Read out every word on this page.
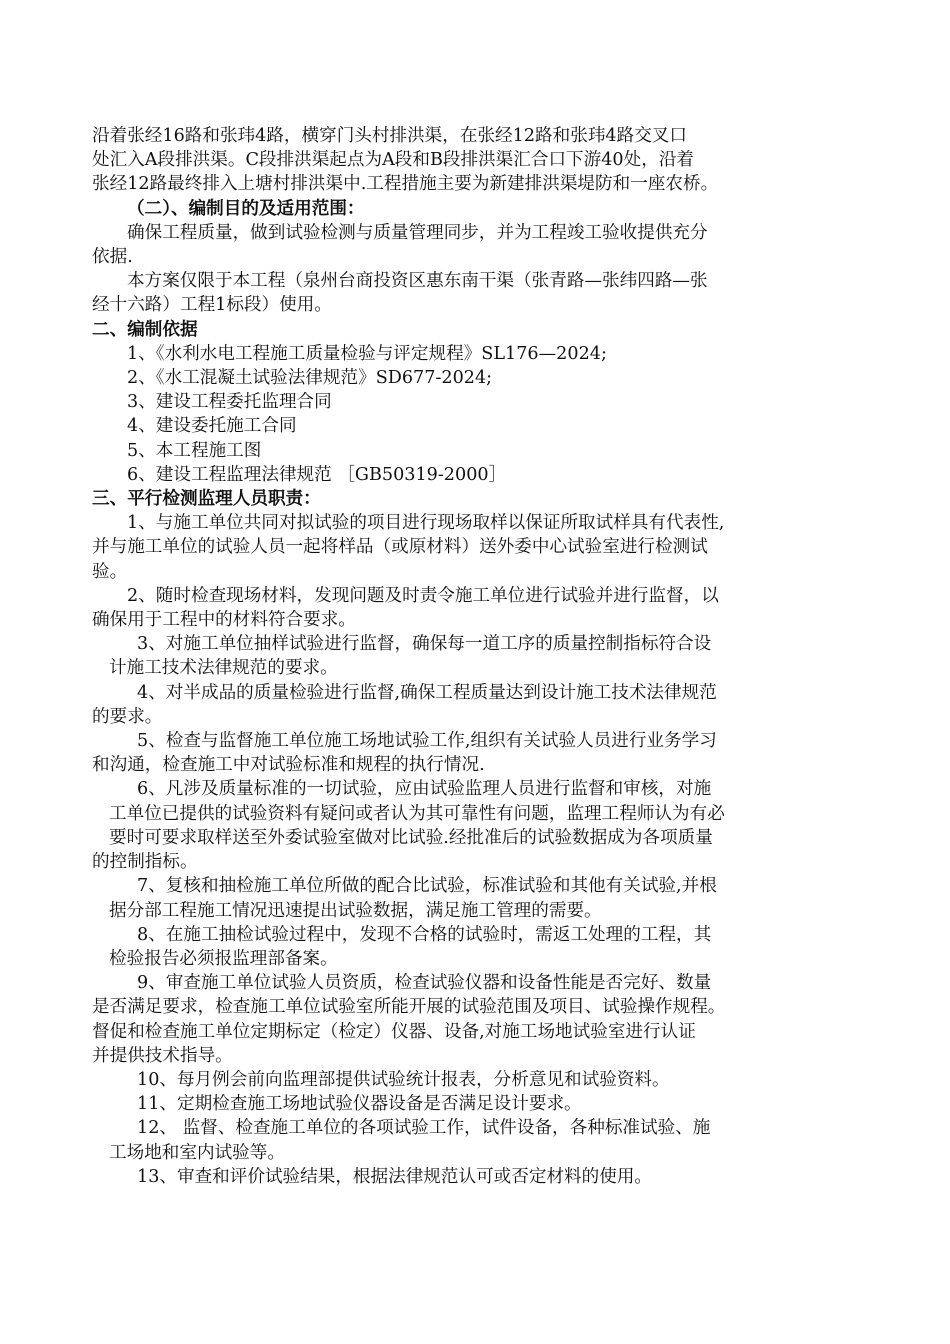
沿着张经16路和张玮4路，横穿门头村排洪渠，在张经12路和张玮4路交叉口

处汇入A段排洪渠。C段排洪渠起点为A段和B段排洪渠汇合口下游40处，沿着

张经12路最终排入上塘村排洪渠中.工程措施主要为新建排洪渠堤防和一座农桥。

（二）、编制目的及适用范围：

确保工程质量，做到试验检测与质量管理同步，并为工程竣工验收提供充分

依据.

本方案仅限于本工程（泉州台商投资区惠东南干渠（张青路—张纬四路—张

经十六路）工程1标段）使用。

二、编制依据

1、《水利水电工程施工质量检验与评定规程》SL176—2024;

2、《水工混凝土试验法律规范》SD677-2024;

3、建设工程委托监理合同

4、建设委托施工合同

5、本工程施工图

6、建设工程监理法律规范 ［GB50319-2000］

三、平行检测监理人员职责：

1、与施工单位共同对拟试验的项目进行现场取样以保证所取试样具有代表性,

并与施工单位的试验人员一起将样品（或原材料）送外委中心试验室进行检测试

验。

2、随时检查现场材料，发现问题及时责令施工单位进行试验并进行监督，以

确保用于工程中的材料符合要求。

3、对施工单位抽样试验进行监督，确保每一道工序的质量控制指标符合设

计施工技术法律规范的要求。

4、对半成品的质量检验进行监督,确保工程质量达到设计施工技术法律规范

的要求。

5、检查与监督施工单位施工场地试验工作,组织有关试验人员进行业务学习

和沟通，检查施工中对试验标准和规程的执行情况.

6、凡涉及质量标准的一切试验，应由试验监理人员进行监督和审核，对施

工单位已提供的试验资料有疑问或者认为其可靠性有问题，监理工程师认为有必

要时可要求取样送至外委试验室做对比试验.经批准后的试验数据成为各项质量

的控制指标。

7、复核和抽检施工单位所做的配合比试验，标准试验和其他有关试验,并根

据分部工程施工情况迅速提出试验数据，满足施工管理的需要。

8、在施工抽检试验过程中，发现不合格的试验时，需返工处理的工程，其

检验报告必须报监理部备案。

9、审查施工单位试验人员资质，检查试验仪器和设备性能是否完好、数量

是否满足要求，检查施工单位试验室所能开展的试验范围及项目、试验操作规程。

督促和检查施工单位定期标定（检定）仪器、设备,对施工场地试验室进行认证

并提供技术指导。

10、每月例会前向监理部提供试验统计报表，分析意见和试验资料。

11、定期检查施工场地试验仪器设备是否满足设计要求。

12、 监督、检查施工单位的各项试验工作，试件设备，各种标准试验、施

工场地和室内试验等。

13、审查和评价试验结果，根据法律规范认可或否定材料的使用。
